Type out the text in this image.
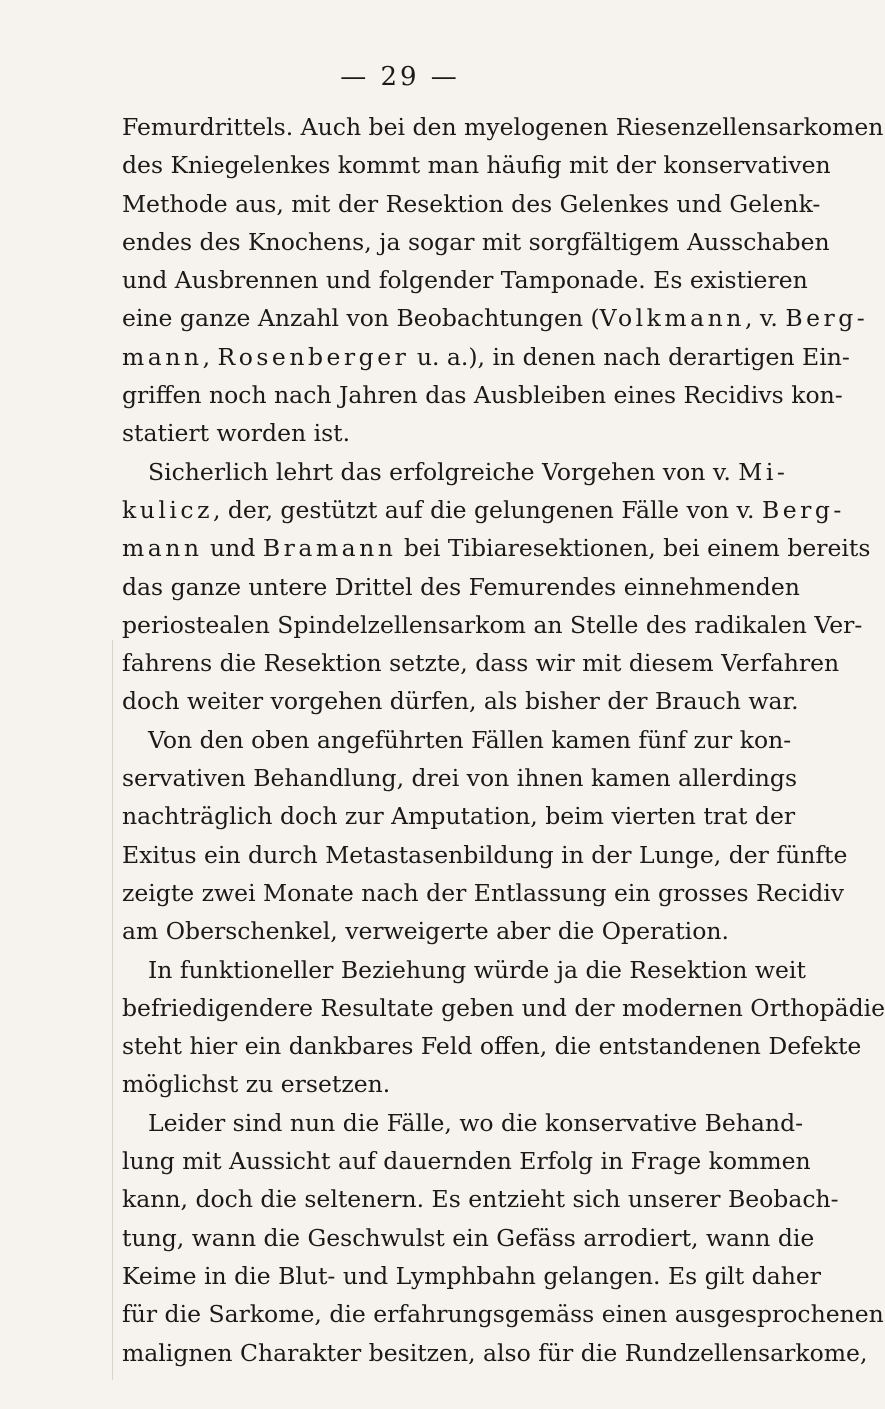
— 29 —
Femurdrittels. Auch bei den myelogenen Riesenzellensarkomen
des Kniegelenkes kommt man häufig mit der konservativen
Methode aus, mit der Resektion des Gelenkes und Gelenk-
endes des Knochens, ja sogar mit sorgfältigem Ausschaben
und Ausbrennen und folgender Tamponade. Es existieren
eine ganze Anzahl von Beobachtungen (Volkmann, v. Berg-
mann, Rosenberger u. a.), in denen nach derartigen Ein-
griffen noch nach Jahren das Ausbleiben eines Recidivs kon-
statiert worden ist.
Sicherlich lehrt das erfolgreiche Vorgehen von v. Mi-
kulicz, der, gestützt auf die gelungenen Fälle von v. Berg-
mann und Bramann bei Tibiaresektionen, bei einem bereits
das ganze untere Drittel des Femurendes einnehmenden
periostealen Spindelzellensarkom an Stelle des radikalen Ver-
fahrens die Resektion setzte, dass wir mit diesem Verfahren
doch weiter vorgehen dürfen, als bisher der Brauch war.
Von den oben angeführten Fällen kamen fünf zur kon-
servativen Behandlung, drei von ihnen kamen allerdings
nachträglich doch zur Amputation, beim vierten trat der
Exitus ein durch Metastasenbildung in der Lunge, der fünfte
zeigte zwei Monate nach der Entlassung ein grosses Recidiv
am Oberschenkel, verweigerte aber die Operation.
In funktioneller Beziehung würde ja die Resektion weit
befriedigendere Resultate geben und der modernen Orthopädie
steht hier ein dankbares Feld offen, die entstandenen Defekte
möglichst zu ersetzen.
Leider sind nun die Fälle, wo die konservative Behand-
lung mit Aussicht auf dauernden Erfolg in Frage kommen
kann, doch die seltenern. Es entzieht sich unserer Beobach-
tung, wann die Geschwulst ein Gefäss arrodiert, wann die
Keime in die Blut- und Lymphbahn gelangen. Es gilt daher
für die Sarkome, die erfahrungsgemäss einen ausgesprochenen
malignen Charakter besitzen, also für die Rundzellensarkome,
